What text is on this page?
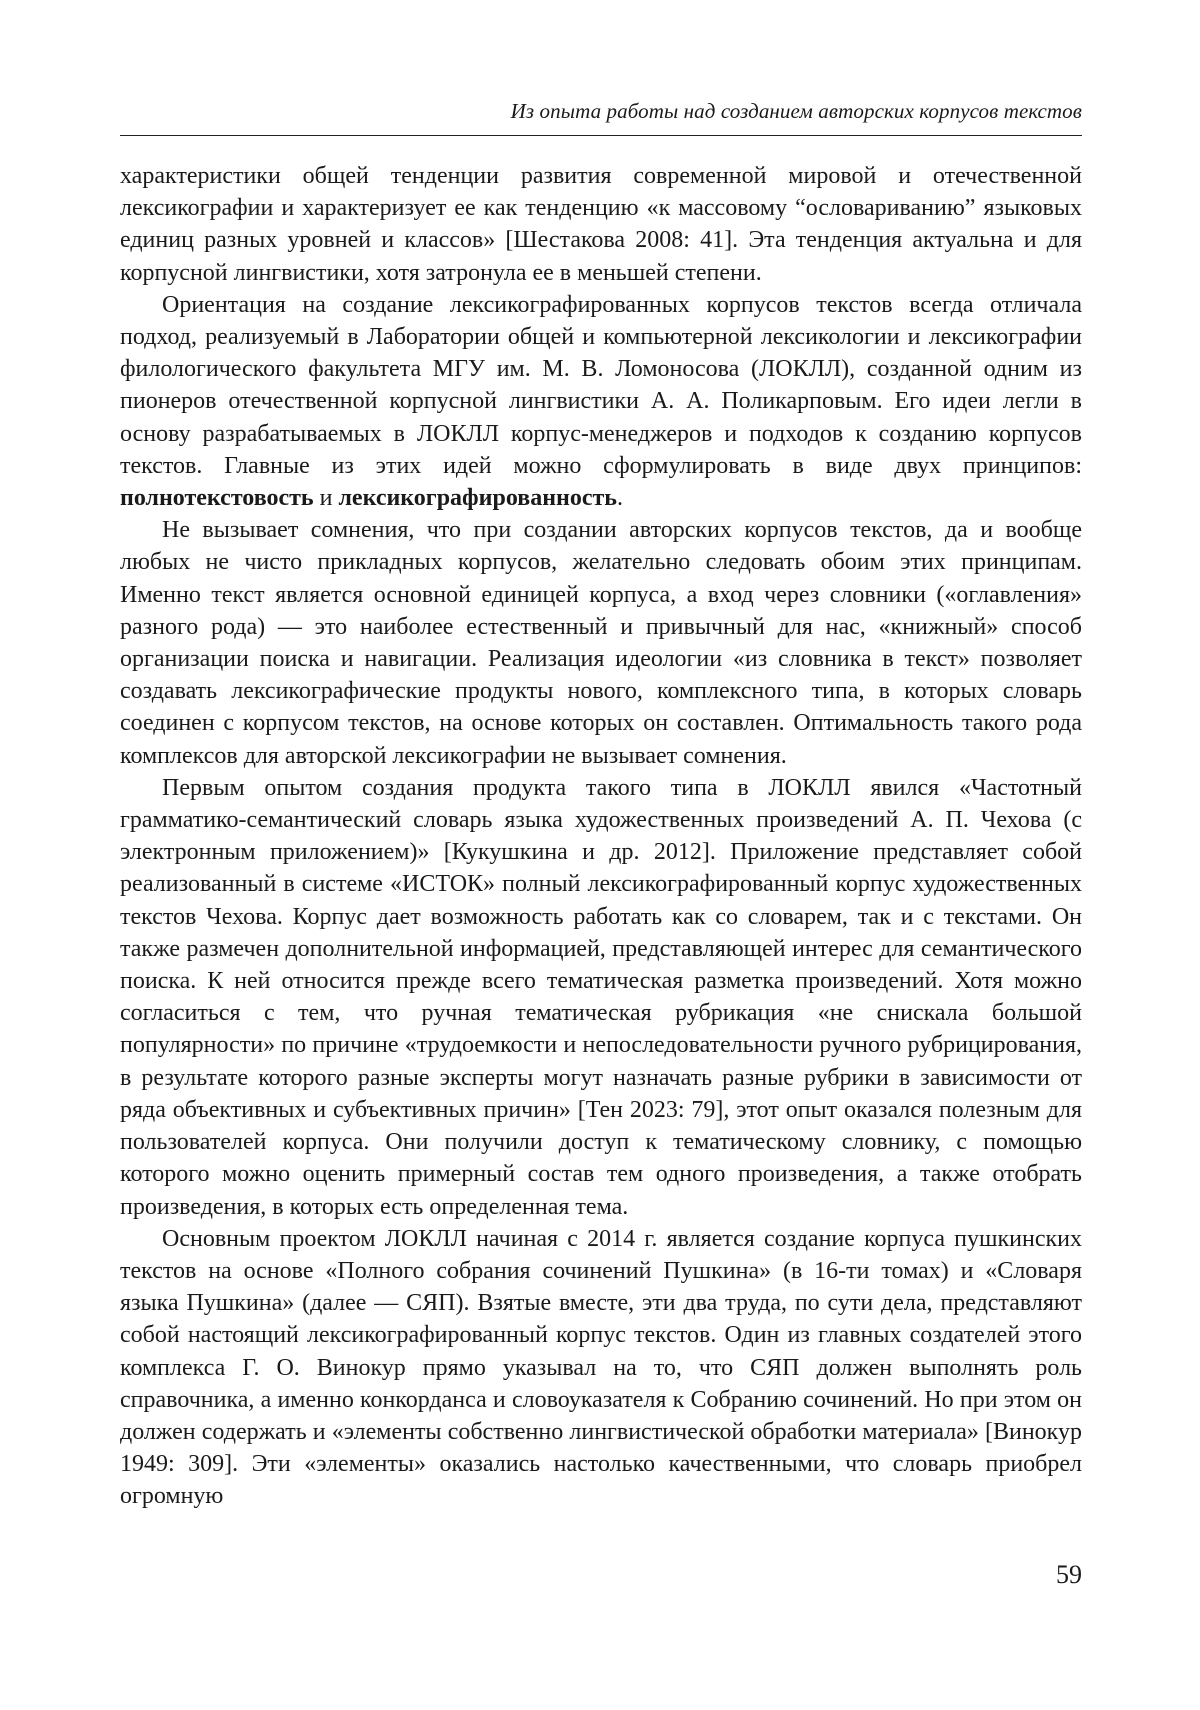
Из опыта работы над созданием авторских корпусов текстов

характеристики общей тенденции развития современной мировой и отечественной лексикографии и характеризует ее как тенденцию «к массовому “ословариванию” языковых единиц разных уровней и классов» [Шестакова 2008: 41]. Эта тенденция актуальна и для корпусной лингвистики, хотя затронула ее в меньшей степени.

Ориентация на создание лексикографированных корпусов текстов всегда отличала подход, реализуемый в Лаборатории общей и компьютерной лексикологии и лексикографии филологического факультета МГУ им. М. В. Ломоносова (ЛОКЛЛ), созданной одним из пионеров отечественной корпусной лингвистики А. А. Поликарповым. Его идеи легли в основу разрабатываемых в ЛОКЛЛ корпус-менеджеров и подходов к созданию корпусов текстов. Главные из этих идей можно сформулировать в виде двух принципов: полнотекстовость и лексикографированность.

Не вызывает сомнения, что при создании авторских корпусов текстов, да и вообще любых не чисто прикладных корпусов, желательно следовать обоим этих принципам. Именно текст является основной единицей корпуса, а вход через словники («оглавления» разного рода) — это наиболее естественный и привычный для нас, «книжный» способ организации поиска и навигации. Реализация идеологии «из словника в текст» позволяет создавать лексикографические продукты нового, комплексного типа, в которых словарь соединен с корпусом текстов, на основе которых он составлен. Оптимальность такого рода комплексов для авторской лексикографии не вызывает сомнения.

Первым опытом создания продукта такого типа в ЛОКЛЛ явился «Частотный грамматико-семантический словарь языка художественных произведений А. П. Чехова (с электронным приложением)» [Кукушкина и др. 2012]. Приложение представляет собой реализованный в системе «ИСТОК» полный лексикографированный корпус художественных текстов Чехова. Корпус дает возможность работать как со словарем, так и с текстами. Он также размечен дополнительной информацией, представляющей интерес для семантического поиска. К ней относится прежде всего тематическая разметка произведений. Хотя можно согласиться с тем, что ручная тематическая рубрикация «не снискала большой популярности» по причине «трудоемкости и непоследовательности ручного рубрицирования, в результате которого разные эксперты могут назначать разные рубрики в зависимости от ряда объективных и субъективных причин» [Тен 2023: 79], этот опыт оказался полезным для пользователей корпуса. Они получили доступ к тематическому словнику, с помощью которого можно оценить примерный состав тем одного произведения, а также отобрать произведения, в которых есть определенная тема.

Основным проектом ЛОКЛЛ начиная с 2014 г. является создание корпуса пушкинских текстов на основе «Полного собрания сочинений Пушкина» (в 16-ти томах) и «Словаря языка Пушкина» (далее — СЯП). Взятые вместе, эти два труда, по сути дела, представляют собой настоящий лексикографированный корпус текстов. Один из главных создателей этого комплекса Г. О. Винокур прямо указывал на то, что СЯП должен выполнять роль справочника, а именно конкорданса и словоуказателя к Собранию сочинений. Но при этом он должен содержать и «элементы собственно лингвистической обработки материала» [Винокур 1949: 309]. Эти «элементы» оказались настолько качественными, что словарь приобрел огромную

59
